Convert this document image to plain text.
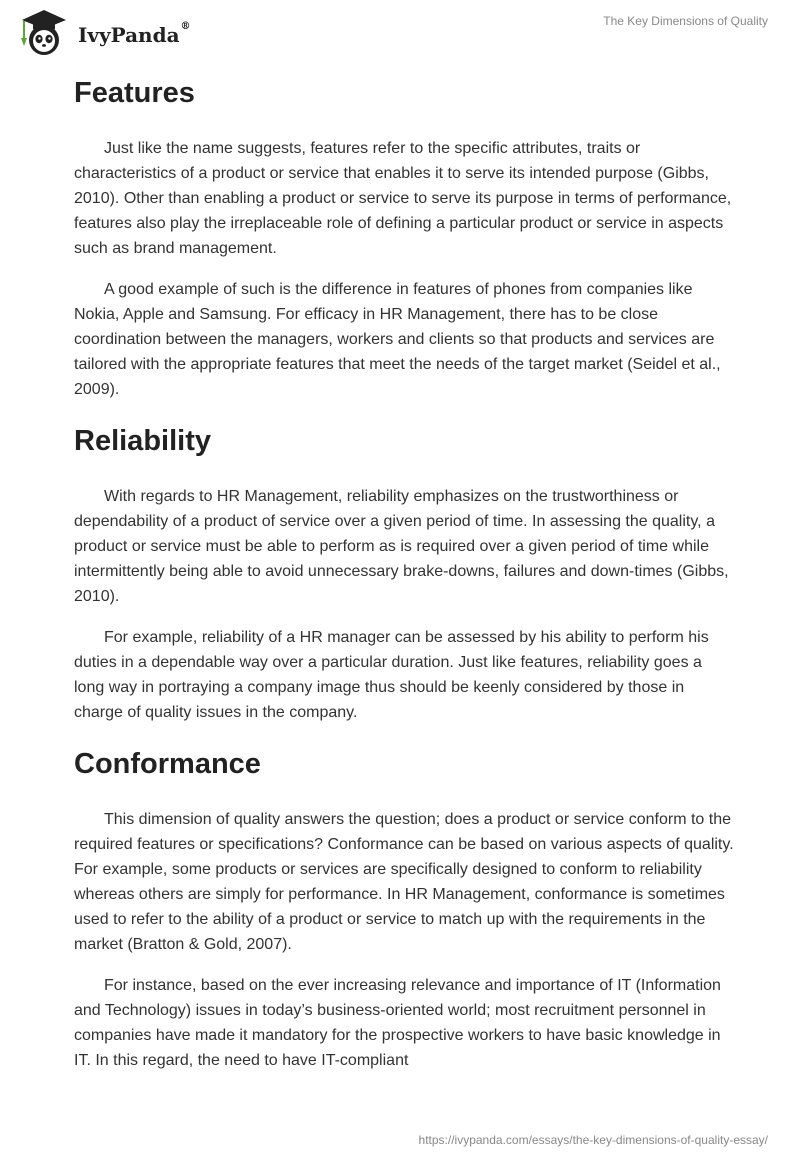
IvyPanda®	The Key Dimensions of Quality
Features

Just like the name suggests, features refer to the specific attributes, traits or characteristics of a product or service that enables it to serve its intended purpose (Gibbs, 2010). Other than enabling a product or service to serve its purpose in terms of performance, features also play the irreplaceable role of defining a particular product or service in aspects such as brand management.

A good example of such is the difference in features of phones from companies like Nokia, Apple and Samsung. For efficacy in HR Management, there has to be close coordination between the managers, workers and clients so that products and services are tailored with the appropriate features that meet the needs of the target market (Seidel et al., 2009).

Reliability

With regards to HR Management, reliability emphasizes on the trustworthiness or dependability of a product of service over a given period of time. In assessing the quality, a product or service must be able to perform as is required over a given period of time while intermittently being able to avoid unnecessary brake-downs, failures and down-times (Gibbs, 2010).

For example, reliability of a HR manager can be assessed by his ability to perform his duties in a dependable way over a particular duration. Just like features, reliability goes a long way in portraying a company image thus should be keenly considered by those in charge of quality issues in the company.

Conformance

This dimension of quality answers the question; does a product or service conform to the required features or specifications? Conformance can be based on various aspects of quality. For example, some products or services are specifically designed to conform to reliability whereas others are simply for performance. In HR Management, conformance is sometimes used to refer to the ability of a product or service to match up with the requirements in the market (Bratton & Gold, 2007).

For instance, based on the ever increasing relevance and importance of IT (Information and Technology) issues in today’s business-oriented world; most recruitment personnel in companies have made it mandatory for the prospective workers to have basic knowledge in IT. In this regard, the need to have IT-compliant

https://ivypanda.com/essays/the-key-dimensions-of-quality-essay/
